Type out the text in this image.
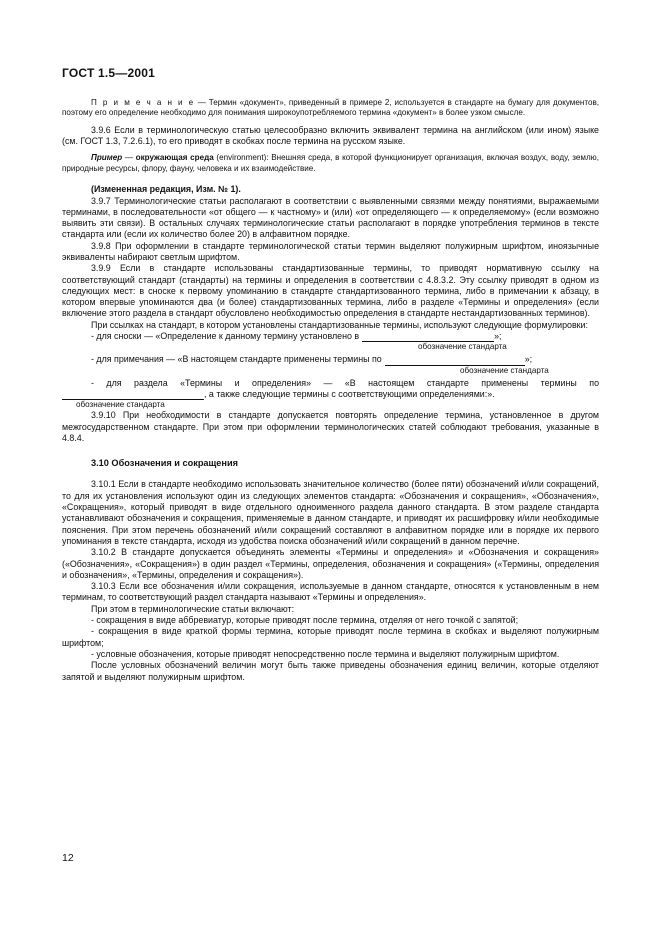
ГОСТ 1.5—2001

П р и м е ч а н и е — Термин «документ», приведенный в примере 2, используется в стандарте на бумагу для документов, поэтому его определение необходимо для понимания широкоупотребляемого термина «документ» в более узком смысле.

3.9.6 Если в терминологическую статью целесообразно включить эквивалент термина на английском (или ином) языке (см. ГОСТ 1.3, 7.2.6.1), то его приводят в скобках после термина на русском языке.

Пример — окружающая среда (environment): Внешняя среда, в которой функционирует организация, включая воздух, воду, землю, природные ресурсы, флору, фауну, человека и их взаимодействие.

(Измененная редакция, Изм. № 1).

3.9.7 Терминологические статьи располагают в соответствии с выявленными связями между понятиями, выражаемыми терминами, в последовательности «от общего — к частному» и (или) «от определяющего — к определяемому» (если возможно выявить эти связи). В остальных случаях терминологические статьи располагают в порядке употребления терминов в тексте стандарта или (если их количество более 20) в алфавитном порядке.

3.9.8 При оформлении в стандарте терминологической статьи термин выделяют полужирным шрифтом, иноязычные эквиваленты набирают светлым шрифтом.

3.9.9 Если в стандарте использованы стандартизованные термины, то приводят нормативную ссылку на соответствующий стандарт (стандарты) на термины и определения в соответствии с 4.8.3.2. Эту ссылку приводят в одном из следующих мест: в сноске к первому упоминанию в стандарте стандартизованного термина, либо в примечании к абзацу, в котором впервые упоминаются два (и более) стандартизованных термина, либо в разделе «Термины и определения» (если включение этого раздела в стандарт обусловлено необходимостью определения в стандарте нестандартизованных терминов).

При ссылках на стандарт, в котором установлены стандартизованные термины, используют следующие формулировки:

- для сноски — «Определение к данному термину установлено в	»;
обозначение стандарта
- для примечания — «В настоящем стандарте применены термины по	»;
обозначение стандарта

- для раздела «Термины и определения» — «В настоящем стандарте применены термины по

, а также следующие термины с соответствующими определениями:».
обозначение стандарта

3.9.10 При необходимости в стандарте допускается повторять определение термина, установленное в другом межгосударственном стандарте. При этом при оформлении терминологических статей соблюдают требования, указанные в 4.8.4.

3.10 Обозначения и сокращения

3.10.1 Если в стандарте необходимо использовать значительное количество (более пяти) обозначений и/или сокращений, то для их установления используют один из следующих элементов стандарта: «Обозначения и сокращения», «Обозначения», «Сокращения», который приводят в виде отдельного одноименного раздела данного стандарта. В этом разделе стандарта устанавливают обозначения и сокращения, применяемые в данном стандарте, и приводят их расшифровку и/или необходимые пояснения. При этом перечень обозначений и/или сокращений составляют в алфавитном порядке или в порядке их первого упоминания в тексте стандарта, исходя из удобства поиска обозначений и/или сокращений в данном перечне.

3.10.2 В стандарте допускается объединять элементы «Термины и определения» и «Обозначения и сокращения» («Обозначения», «Сокращения») в один раздел «Термины, определения, обозначения и сокращения» («Термины, определения и обозначения», «Термины, определения и сокращения»).

3.10.3 Если все обозначения и/или сокращения, используемые в данном стандарте, относятся к установленным в нем терминам, то соответствующий раздел стандарта называют «Термины и определения».

При этом в терминологические статьи включают:

- сокращения в виде аббревиатур, которые приводят после термина, отделяя от него точкой с запятой;

- сокращения в виде краткой формы термина, которые приводят после термина в скобках и выделяют полужирным шрифтом;

- условные обозначения, которые приводят непосредственно после термина и выделяют полужирным шрифтом.

После условных обозначений величин могут быть также приведены обозначения единиц величин, которые отделяют запятой и выделяют полужирным шрифтом.

12
